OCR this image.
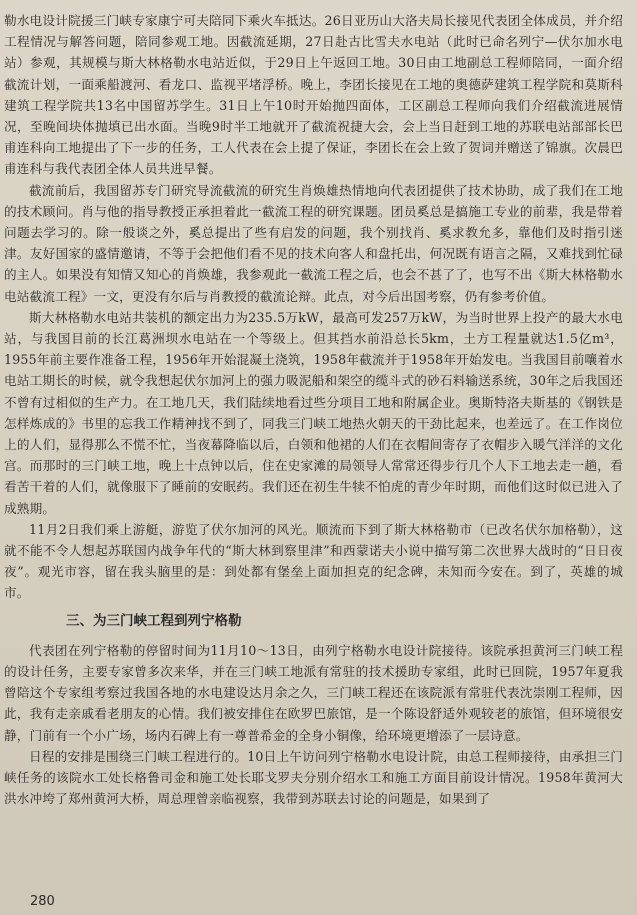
勒水电设计院援三门峡专家康宁可夫陪同下乘火车抵达。26日亚历山大洛夫局长接见代表团全体成员，并介绍工程情况与解答问题，陪同参观工地。因截流延期，27日赴古比雪夫水电站（此时已命名列宁—伏尔加水电站）参观，其规模与斯大林格勒水电站近似，于29日上午返回工地。30日由工地副总工程师陪同，一面介绍截流计划，一面乘船渡河、看龙口、监视平堵浮桥。晚上，李团长接见在工地的奥德萨建筑工程学院和莫斯科建筑工程学院共13名中国留苏学生。31日上午10时开始抛四面体，工区副总工程师向我们介绍截流进展情况，至晚间块体抛填已出水面。当晚9时半工地就开了截流祝捷大会，会上当日赶到工地的苏联电站部部长巴甫连科向工地提出了下一步的任务，工人代表在会上提了保证，李团长在会上致了贺词并赠送了锦旗。次晨巴甫连科与我代表团全体人员共进早餐。

截流前后，我国留苏专门研究导流截流的研究生肖焕雄热情地向代表团提供了技术协助，成了我们在工地的技术顾问。肖与他的指导教授正承担着此一截流工程的研究课题。团员奚总是搞施工专业的前辈，我是带着问题去学习的。除一般谈之外，奚总提出了些有启发的问题，我个别找肖、奚求教允多，靠他们及时指引迷津。友好国家的盛情邀请，不等于会把他们看不见的技术向客人和盘托出，何况既有语言之隔，又难找到忙碌的主人。如果没有知情又知心的肖焕雄，我参观此一截流工程之后，也会不甚了了，也写不出《斯大林格勒水电站截流工程》一文，更没有尔后与肖教授的截流论辩。此点，对今后出国考察，仍有参考价值。

斯大林格勒水电站共装机的额定出力为235.5万kW，最高可发257万kW，为当时世界上投产的最大水电站，与我国目前的长江葛洲坝水电站在一个等级上。但其挡水前沿总长5km，土方工程量就达1.5亿m³，1955年前主要作准备工程，1956年开始混凝土浇筑，1958年截流并于1958年开始发电。当我国目前嚷着水电站工期长的时候，就令我想起伏尔加河上的强力吸泥船和架空的缆斗式的砂石料输送系统，30年之后我国还不曾有过相似的生产力。在工地几天，我们陆续地看过些分项目工地和附属企业。奥斯特洛夫斯基的《钢铁是怎样炼成的》书里的忘我工作精神找不到了，同我三门峡工地热火朝天的干劲比起来，也差远了。在工作岗位上的人们，显得那么不慌不忙，当夜幕降临以后，白领和他裙的人们在衣帽间寄存了衣帽步入暖气洋洋的文化宫。而那时的三门峡工地，晚上十点钟以后，住在史家滩的局领导人常常还得步行几个人下工地去走一趟，看看苦干着的人们，就像服下了睡前的安眠药。我们还在初生牛犊不怕虎的青少年时期，而他们这时似已进入了成熟期。

11月2日我们乘上游艇，游览了伏尔加河的风光。顺流而下到了斯大林格勒市（已改名伏尔加格勒），这就不能不令人想起苏联国内战争年代的“斯大林到察里津”和西蒙诺夫小说中描写第二次世界大战时的“日日夜夜”。观光市容，留在我头脑里的是：到处都有堡垒上面加担克的纪念碑，未知而今安在。到了，英雄的城市。

三、为三门峡工程到列宁格勒

代表团在列宁格勒的停留时间为11月10～13日，由列宁格勒水电设计院接待。该院承担黄河三门峡工程的设计任务，主要专家曾多次来华，并在三门峡工地派有常驻的技术援助专家组，此时已回院，1957年夏我曾陪这个专家组考察过我国各地的水电建设达月余之久，三门峡工程还在该院派有常驻代表沈崇刚工程师，因此，我有走亲戚看老朋友的心情。我们被安排住在欧罗巴旅馆，是一个陈设舒适外观较老的旅馆，但环境很安静，门前有一个小广场，场内石碑上有一尊普希金的全身小铜像，给环境更增添了一层诗意。

日程的安排是围绕三门峡工程进行的。10日上午访问列宁格勒水电设计院，由总工程师接待，由承担三门峡任务的该院水工处长格鲁司金和施工处长耶戈罗夫分别介绍水工和施工方面目前设计情况。1958年黄河大洪水冲垮了郑州黄河大桥，周总理曾亲临视察，我带到苏联去讨论的问题是，如果到了

280
